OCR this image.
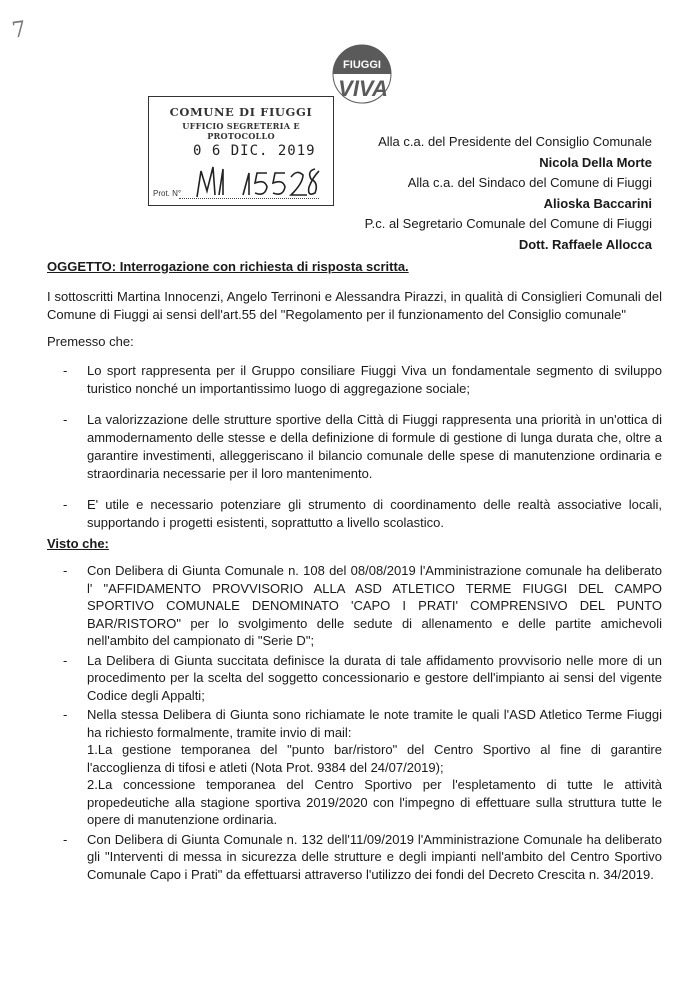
7
FIUGGI
VIVA
COMUNE DI FIUGGI
UFFICIO SEGRETERIA E PROTOCOLLO
0 6 DIC. 2019
Prot. N°
Alla c.a. del Presidente del Consiglio Comunale
Nicola Della Morte
Alla c.a. del Sindaco del Comune di Fiuggi
Alioska Baccarini
P.c. al Segretario Comunale del Comune di Fiuggi
Dott. Raffaele Allocca
OGGETTO: Interrogazione con richiesta di risposta scritta.
I sottoscritti Martina Innocenzi, Angelo Terrinoni e Alessandra Pirazzi, in qualità di Consiglieri Comunali del Comune di Fiuggi ai sensi dell'art.55 del "Regolamento per il funzionamento del Consiglio comunale"
Premesso che:
- Lo sport rappresenta per il Gruppo consiliare Fiuggi Viva un fondamentale segmento di sviluppo turistico nonché un importantissimo luogo di aggregazione sociale;
- La valorizzazione delle strutture sportive della Città di Fiuggi rappresenta una priorità in un'ottica di ammodernamento delle stesse e della definizione di formule di gestione di lunga durata che, oltre a garantire investimenti, alleggeriscano il bilancio comunale delle spese di manutenzione ordinaria e straordinaria necessarie per il loro mantenimento.
- E' utile e necessario potenziare gli strumento di coordinamento delle realtà associative locali, supportando i progetti esistenti, soprattutto a livello scolastico.
Visto che:
- Con Delibera di Giunta Comunale n. 108 del 08/08/2019 l'Amministrazione comunale ha deliberato l' "AFFIDAMENTO PROVVISORIO ALLA ASD ATLETICO TERME FIUGGI DEL CAMPO SPORTIVO COMUNALE DENOMINATO 'CAPO I PRATI' COMPRENSIVO DEL PUNTO BAR/RISTORO" per lo svolgimento delle sedute di allenamento e delle partite amichevoli nell'ambito del campionato di "Serie D";
- La Delibera di Giunta succitata definisce la durata di tale affidamento provvisorio nelle more di un procedimento per la scelta del soggetto concessionario e gestore dell'impianto ai sensi del vigente Codice degli Appalti;
- Nella stessa Delibera di Giunta sono richiamate le note tramite le quali l'ASD Atletico Terme Fiuggi ha richiesto formalmente, tramite invio di mail:
1.La gestione temporanea del "punto bar/ristoro" del Centro Sportivo al fine di garantire l'accoglienza di tifosi e atleti (Nota Prot. 9384 del 24/07/2019);
2.La concessione temporanea del Centro Sportivo per l'espletamento di tutte le attività propedeutiche alla stagione sportiva 2019/2020 con l'impegno di effettuare sulla struttura tutte le opere di manutenzione ordinaria.
- Con Delibera di Giunta Comunale n. 132 dell'11/09/2019 l'Amministrazione Comunale ha deliberato gli "Interventi di messa in sicurezza delle strutture e degli impianti nell'ambito del Centro Sportivo Comunale Capo i Prati" da effettuarsi attraverso l'utilizzo dei fondi del Decreto Crescita n. 34/2019.
